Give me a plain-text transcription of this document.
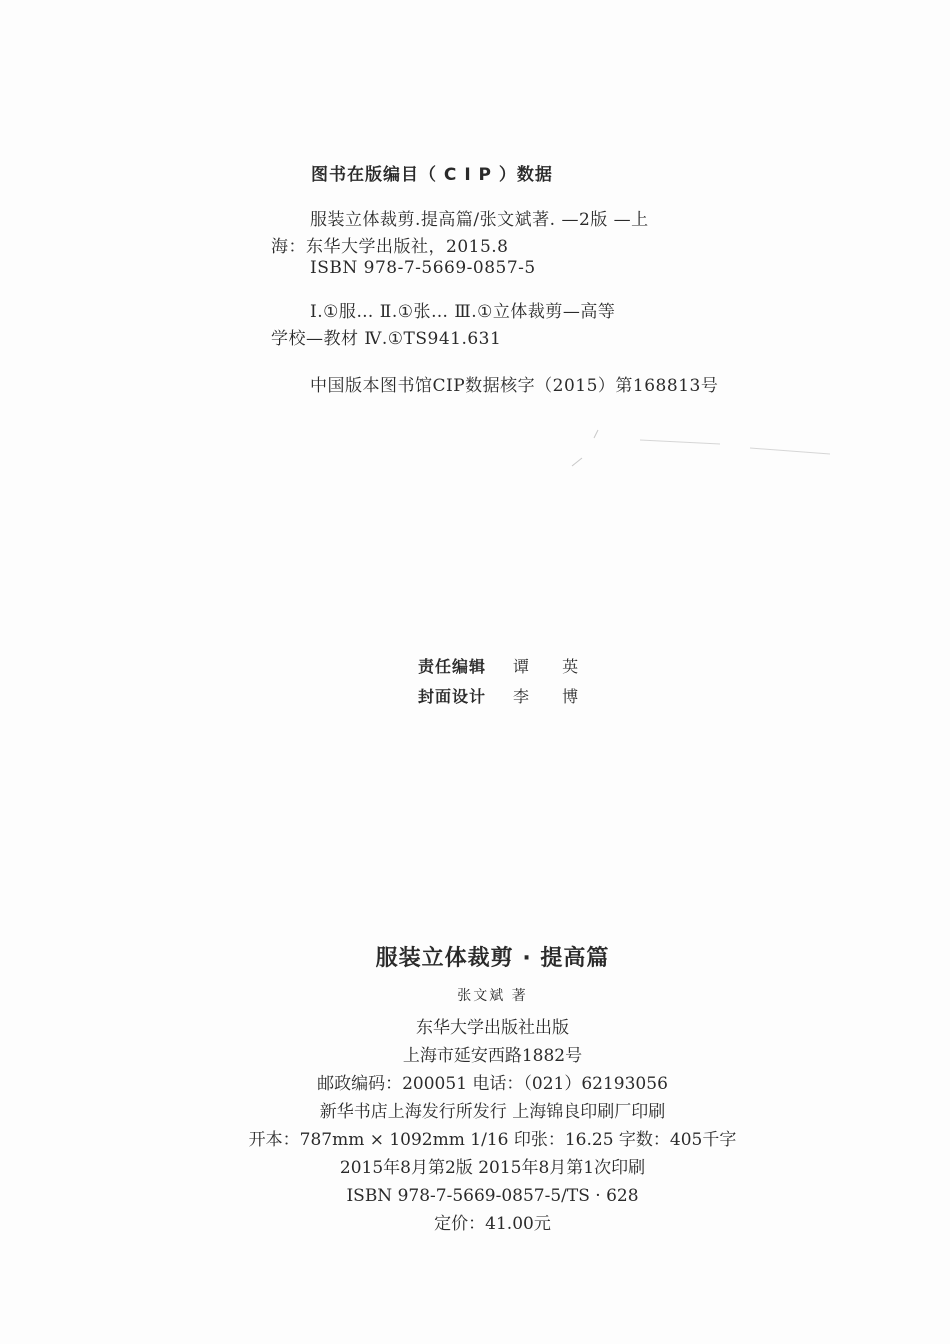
图书在版编目（ C I P ）数据
服装立体裁剪.提高篇/张文斌著. —2版 —上
海：东华大学出版社，2015.8
ISBN 978-7-5669-0857-5
Ⅰ.①服… Ⅱ.①张… Ⅲ.①立体裁剪—高等
学校—教材 Ⅳ.①TS941.631
中国版本图书馆CIP数据核字（2015）第168813号
责任编辑	谭 英
封面设计	李 博
服装立体裁剪 · 提高篇
张文斌 著
东华大学出版社出版
上海市延安西路1882号
邮政编码：200051 电话：（021）62193056
新华书店上海发行所发行 上海锦良印刷厂印刷
开本：787mm × 1092mm 1/16 印张：16.25 字数：405千字
2015年8月第2版 2015年8月第1次印刷
ISBN 978-7-5669-0857-5/TS · 628
定价：41.00元
